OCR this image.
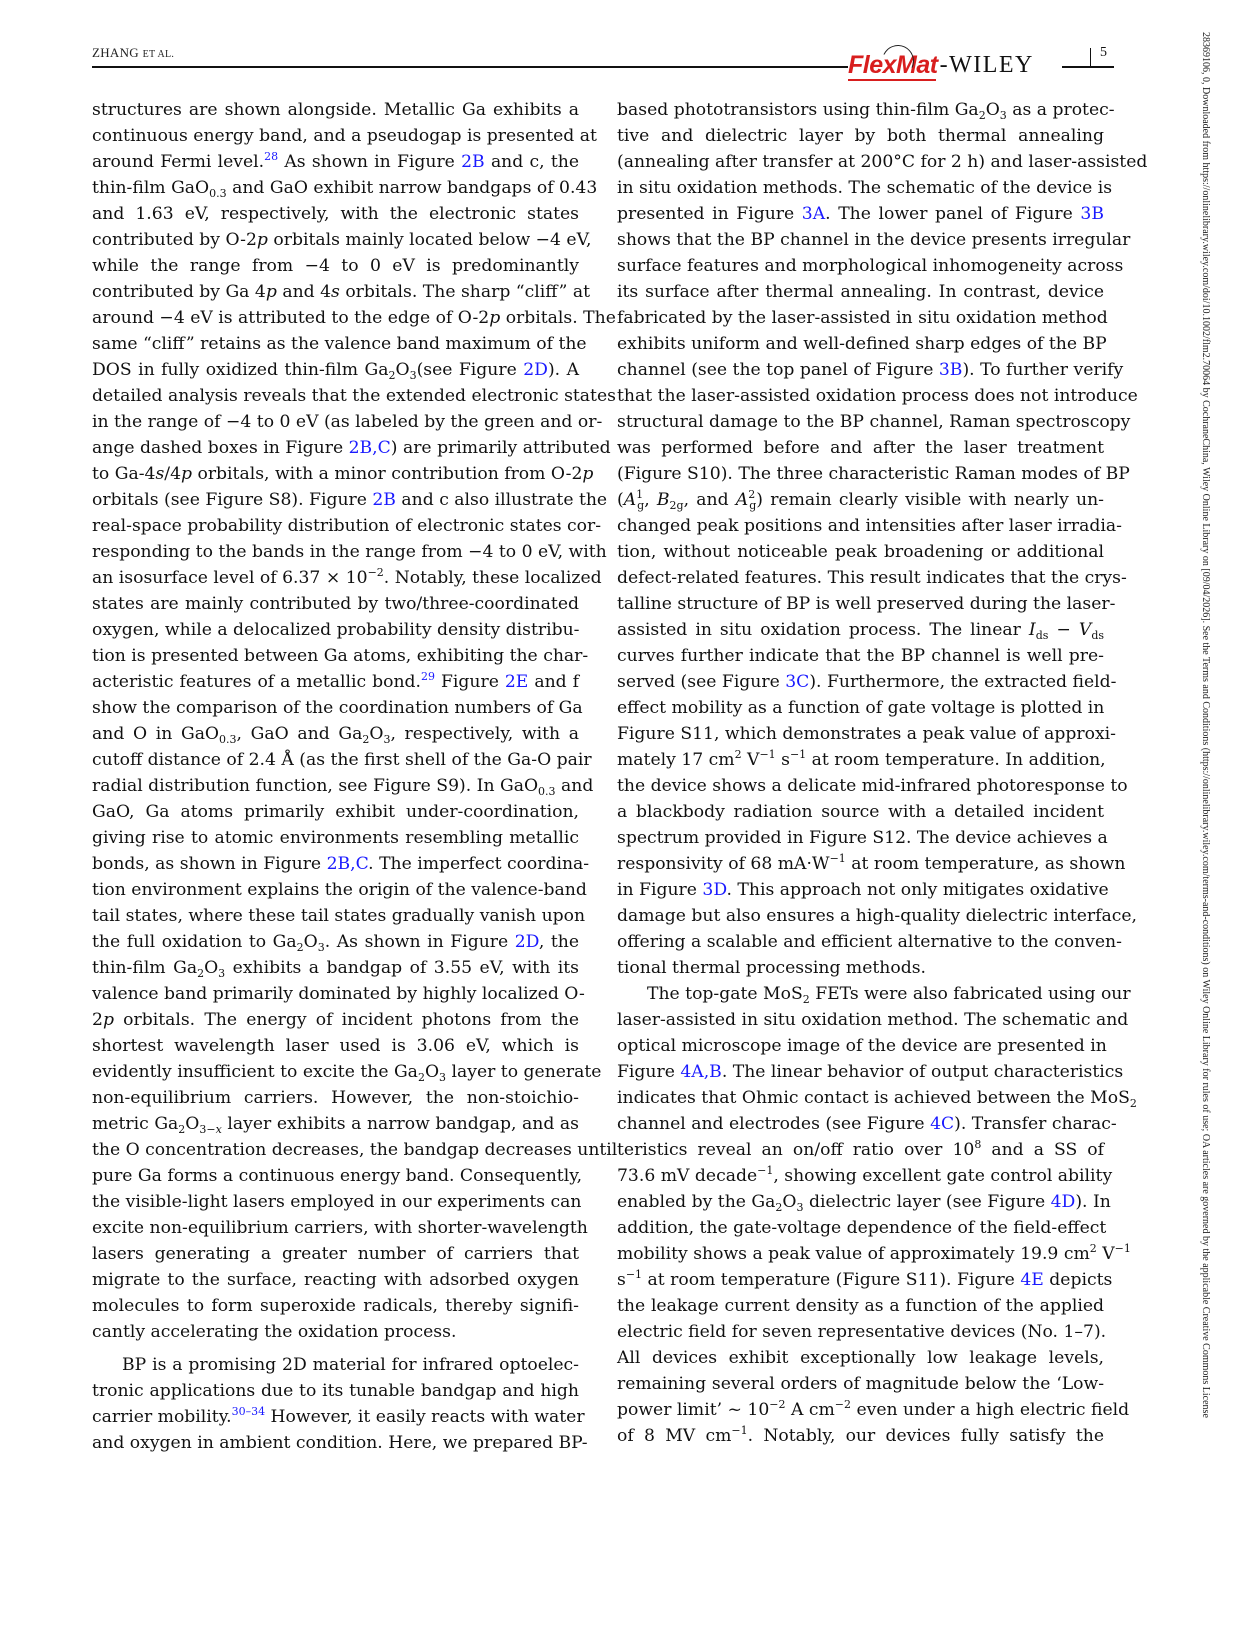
ZHANG ET AL.	FlexMat -WILEY	5	28369106, 0, Downloaded from https://onlinelibrary.wiley.com/doi/10.1002/flm2.70064 by CochraneChina, Wiley Online Library on [09/04/2026]. See the Terms and Conditions (https://onlinelibrary.wiley.com/terms-and-conditions) on Wiley Online Library for rules of use; OA articles are governed by the applicable Creative Commons License
structures are shown alongside. Metallic Ga exhibits a
continuous energy band, and a pseudogap is presented at
around Fermi level.$^{28}$ As shown in Figure 2B and c, the
thin-film GaO$_{0.3}$ and GaO exhibit narrow bandgaps of 0.43
and 1.63 eV, respectively, with the electronic states
contributed by O-2p orbitals mainly located below −4 eV,
while the range from −4 to 0 eV is predominantly
contributed by Ga 4p and 4s orbitals. The sharp “cliff” at
around −4 eV is attributed to the edge of O-2p orbitals. The
same “cliff” retains as the valence band maximum of the
DOS in fully oxidized thin-film $Ga_2O_3(see$ Figure 2D). A
detailed analysis reveals that the extended electronic states
in the range of −4 to 0 eV (as labeled by the green and or-
ange dashed boxes in Figure 2B,C) are primarily attributed
to Ga-4s/4p orbitals, with a minor contribution from O-2p
orbitals (see Figure S8). Figure 2B and c also illustrate the
real-space probability distribution of electronic states cor-
responding to the bands in the range from −4 to 0 eV, with
an isosurface level of $6.37 \times 10^{-2}$. Notably, these localized
states are mainly contributed by two/three-coordinated
oxygen, while a delocalized probability density distribu-
tion is presented between Ga atoms, exhibiting the char-
acteristic features of a metallic bond.$^{29}$ Figure 2E and f
show the comparison of the coordination numbers of Ga
and O in GaO$_{0.3}$, GaO and $Ga_2O_3$, respectively, with a
cutoff distance of 2.4 Å (as the first shell of the Ga-O pair
radial distribution function, see Figure S9). In GaO$_{0.3}$ and
GaO, Ga atoms primarily exhibit under-coordination,
giving rise to atomic environments resembling metallic
bonds, as shown in Figure 2B,C. The imperfect coordina-
tion environment explains the origin of the valence-band
tail states, where these tail states gradually vanish upon
the full oxidation to $Ga_2O_3$. As shown in Figure 2D, the
thin-film $Ga_2O_3$ exhibits a bandgap of 3.55 eV, with its
valence band primarily dominated by highly localized O-
2p orbitals. The energy of incident photons from the
shortest wavelength laser used is 3.06 eV, which is
evidently insufficient to excite the $Ga_2O_3$ layer to generate
non-equilibrium carriers. However, the non-stoichio-
metric $Ga_2O_{3-x}$ layer exhibits a narrow bandgap, and as
the O concentration decreases, the bandgap decreases until
pure Ga forms a continuous energy band. Consequently,
the visible-light lasers employed in our experiments can
excite non-equilibrium carriers, with shorter-wavelength
lasers generating a greater number of carriers that
migrate to the surface, reacting with adsorbed oxygen
molecules to form superoxide radicals, thereby signifi-
cantly accelerating the oxidation process.
BP is a promising 2D material for infrared optoelec-
tronic applications due to its tunable bandgap and high
carrier mobility.$^{30-34}$ However, it easily reacts with water
and oxygen in ambient condition. Here, we prepared BP-
based phototransistors using thin-film $Ga_2O_3$ as a protec-
tive and dielectric layer by both thermal annealing
(annealing after transfer at 200°C for 2 h) and laser-assisted
in situ oxidation methods. The schematic of the device is
presented in Figure 3A. The lower panel of Figure 3B
shows that the BP channel in the device presents irregular
surface features and morphological inhomogeneity across
its surface after thermal annealing. In contrast, device
fabricated by the laser-assisted in situ oxidation method
exhibits uniform and well-defined sharp edges of the BP
channel (see the top panel of Figure 3B). To further verify
that the laser-assisted oxidation process does not introduce
structural damage to the BP channel, Raman spectroscopy
was performed before and after the laser treatment
(Figure S10). The three characteristic Raman modes of BP
($A^1_g$, $B_{2g}$, and $A^2_g$) remain clearly visible with nearly un-
changed peak positions and intensities after laser irradia-
tion, without noticeable peak broadening or additional
defect-related features. This result indicates that the crys-
talline structure of BP is well preserved during the laser-
assisted in situ oxidation process. The linear $I_{ds} - V_{ds}$
curves further indicate that the BP channel is well pre-
served (see Figure 3C). Furthermore, the extracted field-
effect mobility as a function of gate voltage is plotted in
Figure S11, which demonstrates a peak value of approxi-
mately 17 $cm^2$ $V^{-1}$ $s^{-1}$ at room temperature. In addition,
the device shows a delicate mid-infrared photoresponse to
a blackbody radiation source with a detailed incident
spectrum provided in Figure S12. The device achieves a
responsivity of 68 $mA\cdot W^{-1}$ at room temperature, as shown
in Figure 3D. This approach not only mitigates oxidative
damage but also ensures a high-quality dielectric interface,
offering a scalable and efficient alternative to the conven-
tional thermal processing methods.
The top-gate MoS$_2$ FETs were also fabricated using our
laser-assisted in situ oxidation method. The schematic and
optical microscope image of the device are presented in
Figure 4A,B. The linear behavior of output characteristics
indicates that Ohmic contact is achieved between the MoS$_2$
channel and electrodes (see Figure 4C). Transfer charac-
teristics reveal an on/off ratio over $10^8$ and a SS of
73.6 mV decade$^{-1}$, showing excellent gate control ability
enabled by the $Ga_2O_3$ dielectric layer (see Figure 4D). In
addition, the gate-voltage dependence of the field-effect
mobility shows a peak value of approximately 19.9 $cm^2$ $V^{-1}$
$s^{-1}$ at room temperature (Figure S11). Figure 4E depicts
the leakage current density as a function of the applied
electric field for seven representative devices (No. 1–7).
All devices exhibit exceptionally low leakage levels,
remaining several orders of magnitude below the ‘Low-
power limit’ ~ $10^{-2}$ A $cm^{-2}$ even under a high electric field
of 8 MV $cm^{-1}$. Notably, our devices fully satisfy the
